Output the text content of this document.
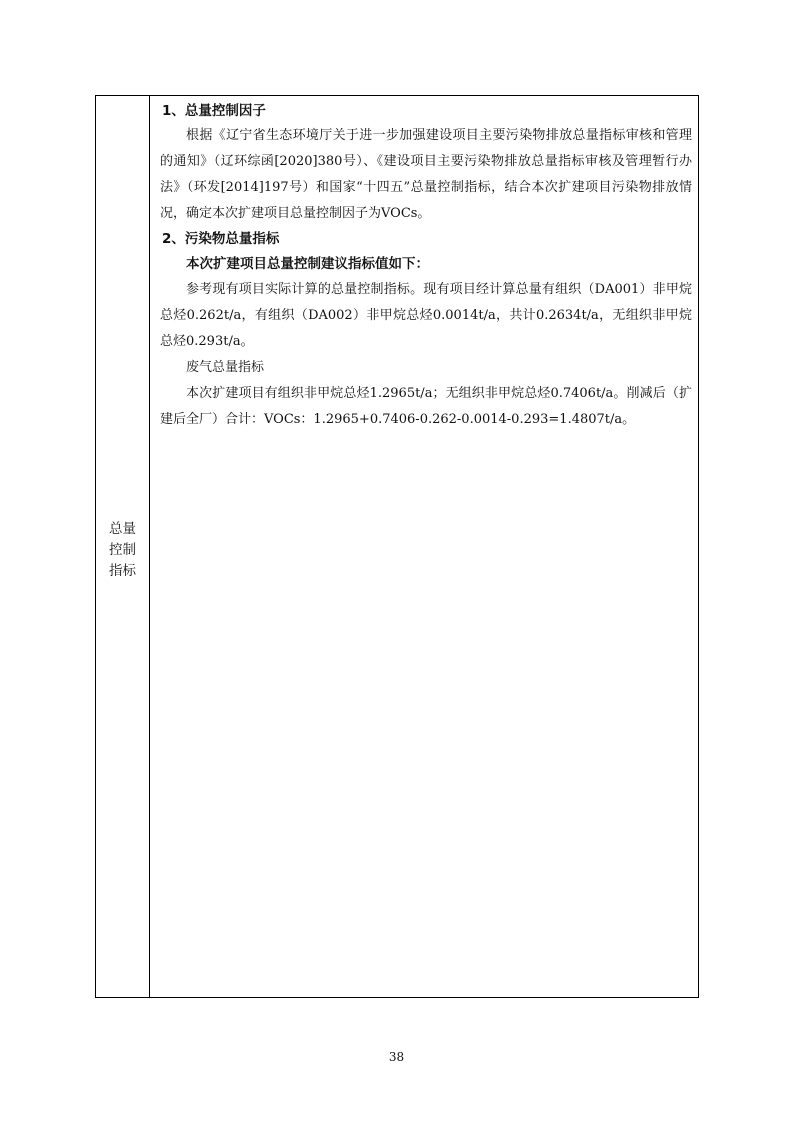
总量控制指标

1、总量控制因子

根据《辽宁省生态环境厅关于进一步加强建设项目主要污染物排放总量指标审核和管理的通知》（辽环综函[2020]380号）、《建设项目主要污染物排放总量指标审核及管理暂行办法》（环发[2014]197号）和国家“十四五”总量控制指标，结合本次扩建项目污染物排放情况，确定本次扩建项目总量控制因子为VOCs。

2、污染物总量指标

本次扩建项目总量控制建议指标值如下：

参考现有项目实际计算的总量控制指标。现有项目经计算总量有组织（DA001）非甲烷总烃0.262t/a，有组织（DA002）非甲烷总烃0.0014t/a，共计0.2634t/a，无组织非甲烷总烃0.293t/a。

废气总量指标

本次扩建项目有组织非甲烷总烃1.2965t/a；无组织非甲烷总烃0.7406t/a。削减后（扩建后全厂）合计：VOCs：1.2965+0.7406-0.262-0.0014-0.293=1.4807t/a。

38
